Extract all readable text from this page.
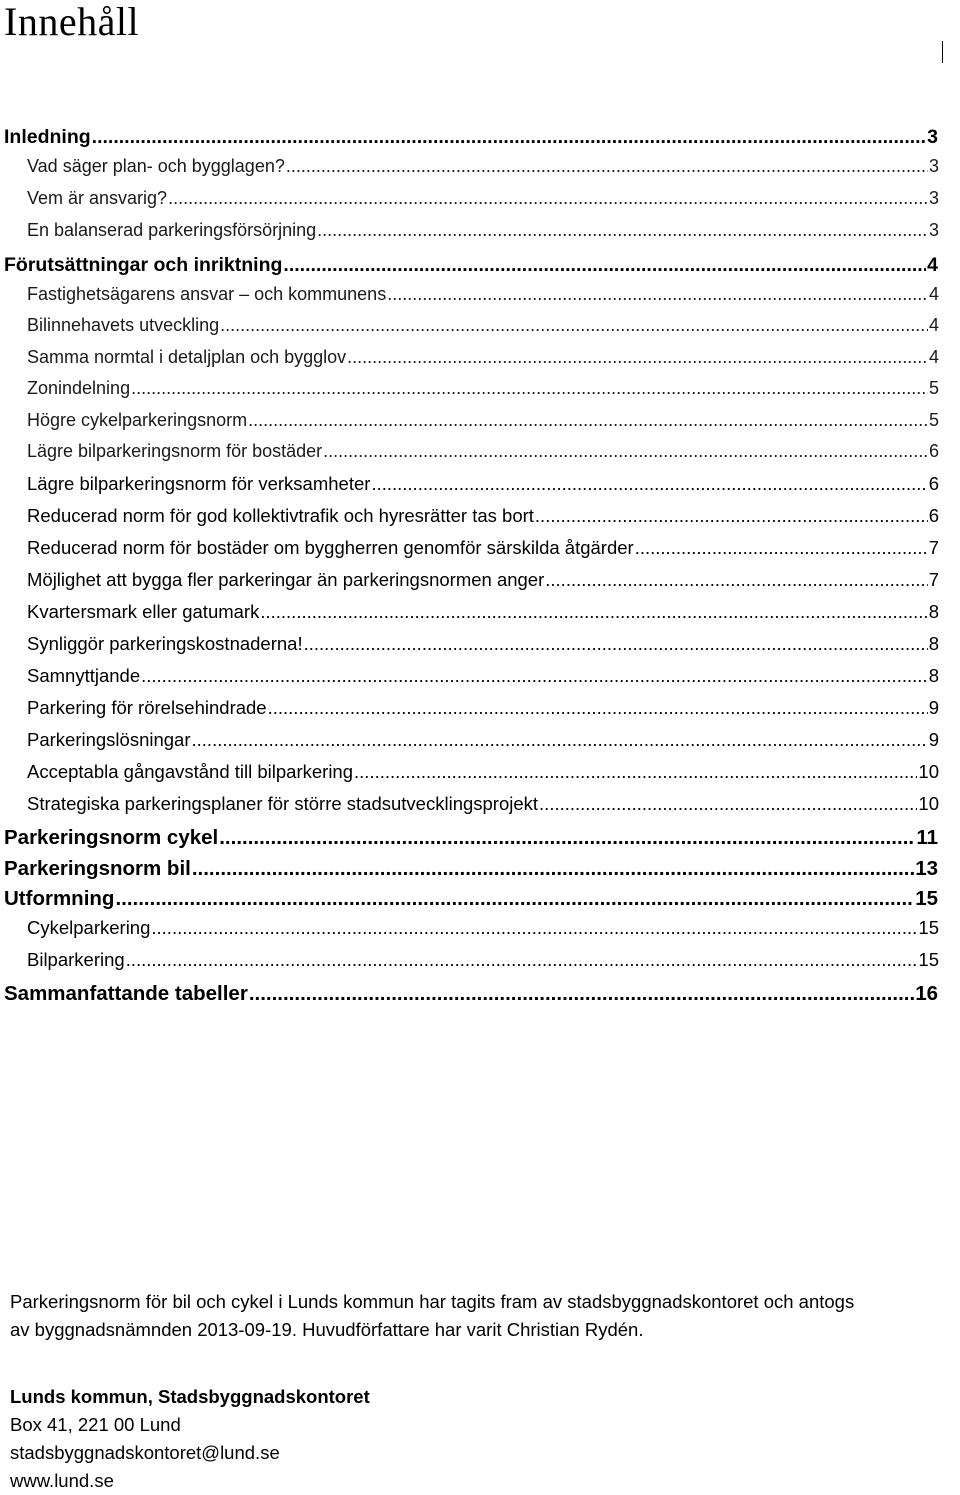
Innehåll
Inledning .....	3
Vad säger plan- och bygglagen? .....	3
Vem är ansvarig? .....	3
En balanserad parkeringsförsörjning .....	3
Förutsättningar och inriktning .....	4
Fastighetsägarens ansvar – och kommunens .....	4
Bilinnehavets utveckling .....	4
Samma normtal i detaljplan och bygglov .....	4
Zonindelning .....	5
Högre cykelparkeringsnorm .....	5
Lägre bilparkeringsnorm för bostäder .....	6
Lägre bilparkeringsnorm för verksamheter .....	6
Reducerad norm för god kollektivtrafik och hyresrätter tas bort .....	6
Reducerad norm för bostäder om byggherren genomför särskilda åtgärder .....	7
Möjlighet att bygga fler parkeringar än parkeringsnormen anger .....	7
Kvartersmark eller gatumark .....	8
Synliggör parkeringskostnaderna! .....	8
Samnyttjande .....	8
Parkering för rörelsehindrade .....	9
Parkeringslösningar .....	9
Acceptabla gångavstånd till bilparkering .....	10
Strategiska parkeringsplaner för större stadsutvecklingsprojekt .....	10
Parkeringsnorm cykel .....	11
Parkeringsnorm bil .....	13
Utformning .....	15
Cykelparkering .....	15
Bilparkering .....	15
Sammanfattande tabeller .....	16
Parkeringsnorm för bil och cykel i Lunds kommun har tagits fram av stadsbyggnadskontoret och antogs
av byggnadsnämnden 2013-09-19. Huvudförfattare har varit Christian Rydén.
Lunds kommun, Stadsbyggnadskontoret
Box 41, 221 00 Lund
stadsbyggnadskontoret@lund.se
www.lund.se
